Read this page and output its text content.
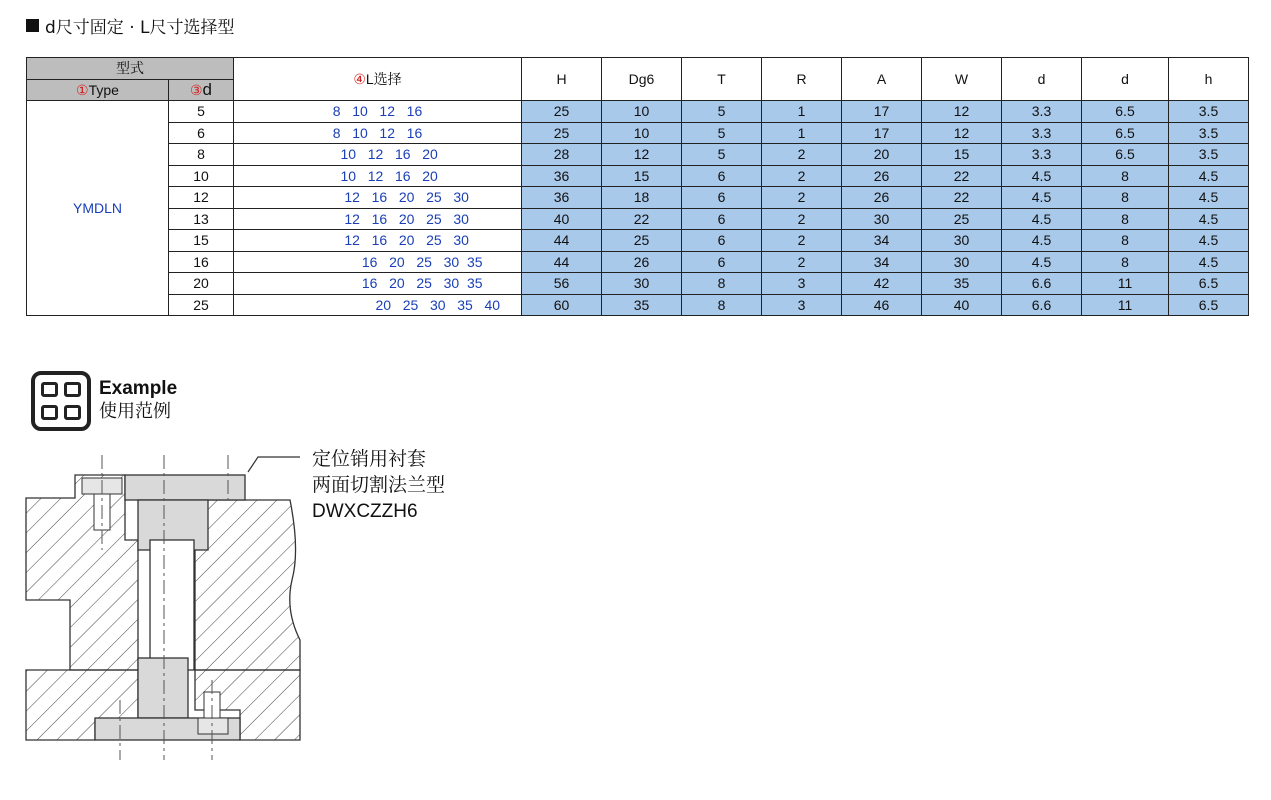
d尺寸固定 · L尺寸选择型
型式		④L选择	H	Dg6	T	R	A	W	d	d	h
①Type	③d										
YMDLN	5	8   10   12   16	25	10	5	1	17	12	3.3	6.5	3.5
	6	8   10   12   16	25	10	5	1	17	12	3.3	6.5	3.5
	8	10   12   16   20	28	12	5	2	20	15	3.3	6.5	3.5
	10	10   12   16   20	36	15	6	2	26	22	4.5	8	4.5
	12	12   16   20   25   30	36	18	6	2	26	22	4.5	8	4.5
	13	12   16   20   25   30	40	22	6	2	30	25	4.5	8	4.5
	15	12   16   20   25   30	44	25	6	2	34	30	4.5	8	4.5
	16	16   20   25   30  35	44	26	6	2	34	30	4.5	8	4.5
	20	16   20   25   30  35	56	30	8	3	42	35	6.6	11	6.5
	25	20   25   30   35   40	60	35	8	3	46	40	6.6	11	6.5
Example
使用范例
定位销用衬套
两面切割法兰型
DWXCZZH6
